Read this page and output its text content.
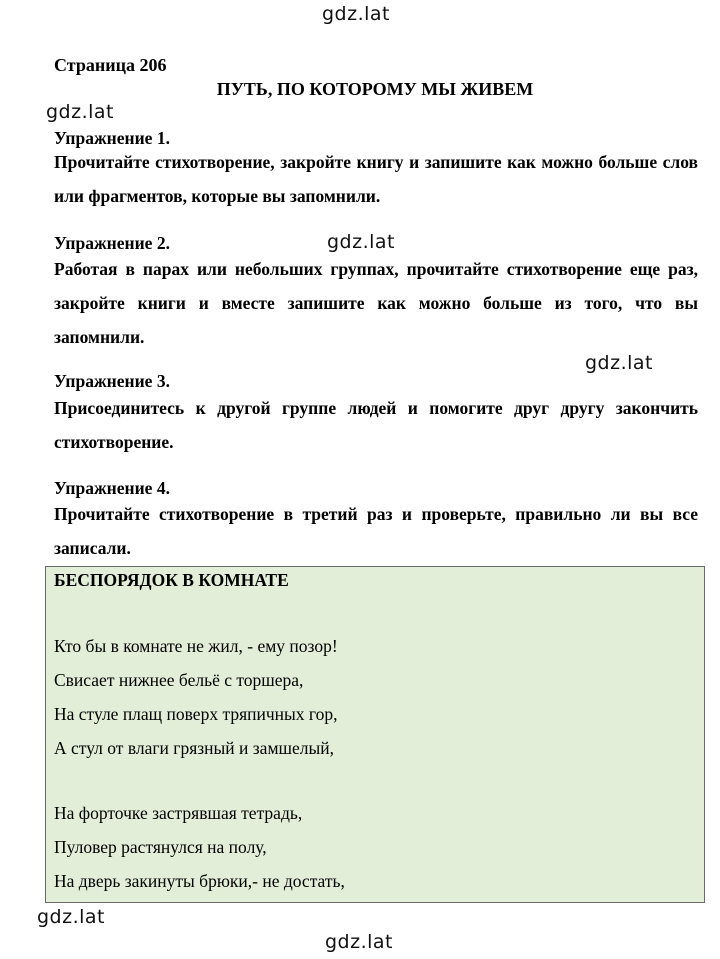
gdz.lat
gdz.lat
gdz.lat
gdz.lat
gdz.lat
gdz.lat
Страница 206
ПУТЬ, ПО КОТОРОМУ МЫ ЖИВЕМ
Упражнение 1.
Прочитайте стихотворение, закройте книгу и запишите как можно больше слов или фрагментов, которые вы запомнили.
Упражнение 2.
Работая в парах или небольших группах, прочитайте стихотворение еще раз, закройте книги и вместе запишите как можно больше из того, что вы запомнили.
Упражнение 3.
Присоединитесь к другой группе людей и помогите друг другу закончить стихотворение.
Упражнение 4.
Прочитайте стихотворение в третий раз и проверьте, правильно ли вы все записали.
БЕСПОРЯДОК В КОМНАТЕ
Кто бы в комнате не жил, - ему позор!
Свисает нижнее бельё с торшера,
На стуле плащ поверх тряпичных гор,
А стул от влаги грязный и замшелый,
На форточке застрявшая тетрадь,
Пуловер растянулся на полу,
На дверь закинуты брюки,- не достать,
